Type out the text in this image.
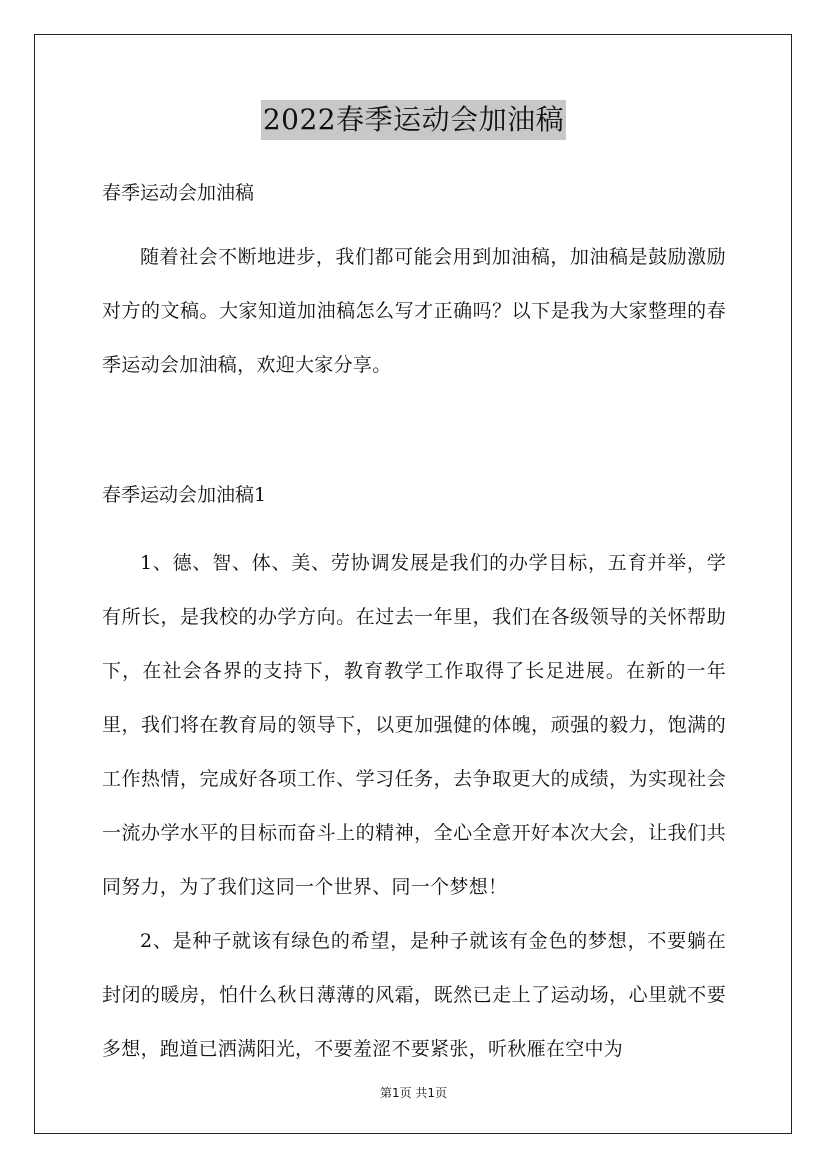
2022春季运动会加油稿

春季运动会加油稿

随着社会不断地进步，我们都可能会用到加油稿，加油稿是鼓励激励对方的文稿。大家知道加油稿怎么写才正确吗？以下是我为大家整理的春季运动会加油稿，欢迎大家分享。

春季运动会加油稿1

1、德、智、体、美、劳协调发展是我们的办学目标，五育并举，学有所长，是我校的办学方向。在过去一年里，我们在各级领导的关怀帮助下，在社会各界的支持下，教育教学工作取得了长足进展。在新的一年里，我们将在教育局的领导下，以更加强健的体魄，顽强的毅力，饱满的工作热情，完成好各项工作、学习任务，去争取更大的成绩，为实现社会一流办学水平的目标而奋斗上的精神，全心全意开好本次大会，让我们共同努力，为了我们这同一个世界、同一个梦想！

2、是种子就该有绿色的希望，是种子就该有金色的梦想，不要躺在封闭的暖房，怕什么秋日薄薄的风霜，既然已走上了运动场，心里就不要多想，跑道已洒满阳光，不要羞涩不要紧张，听秋雁在空中为

第1页 共1页
